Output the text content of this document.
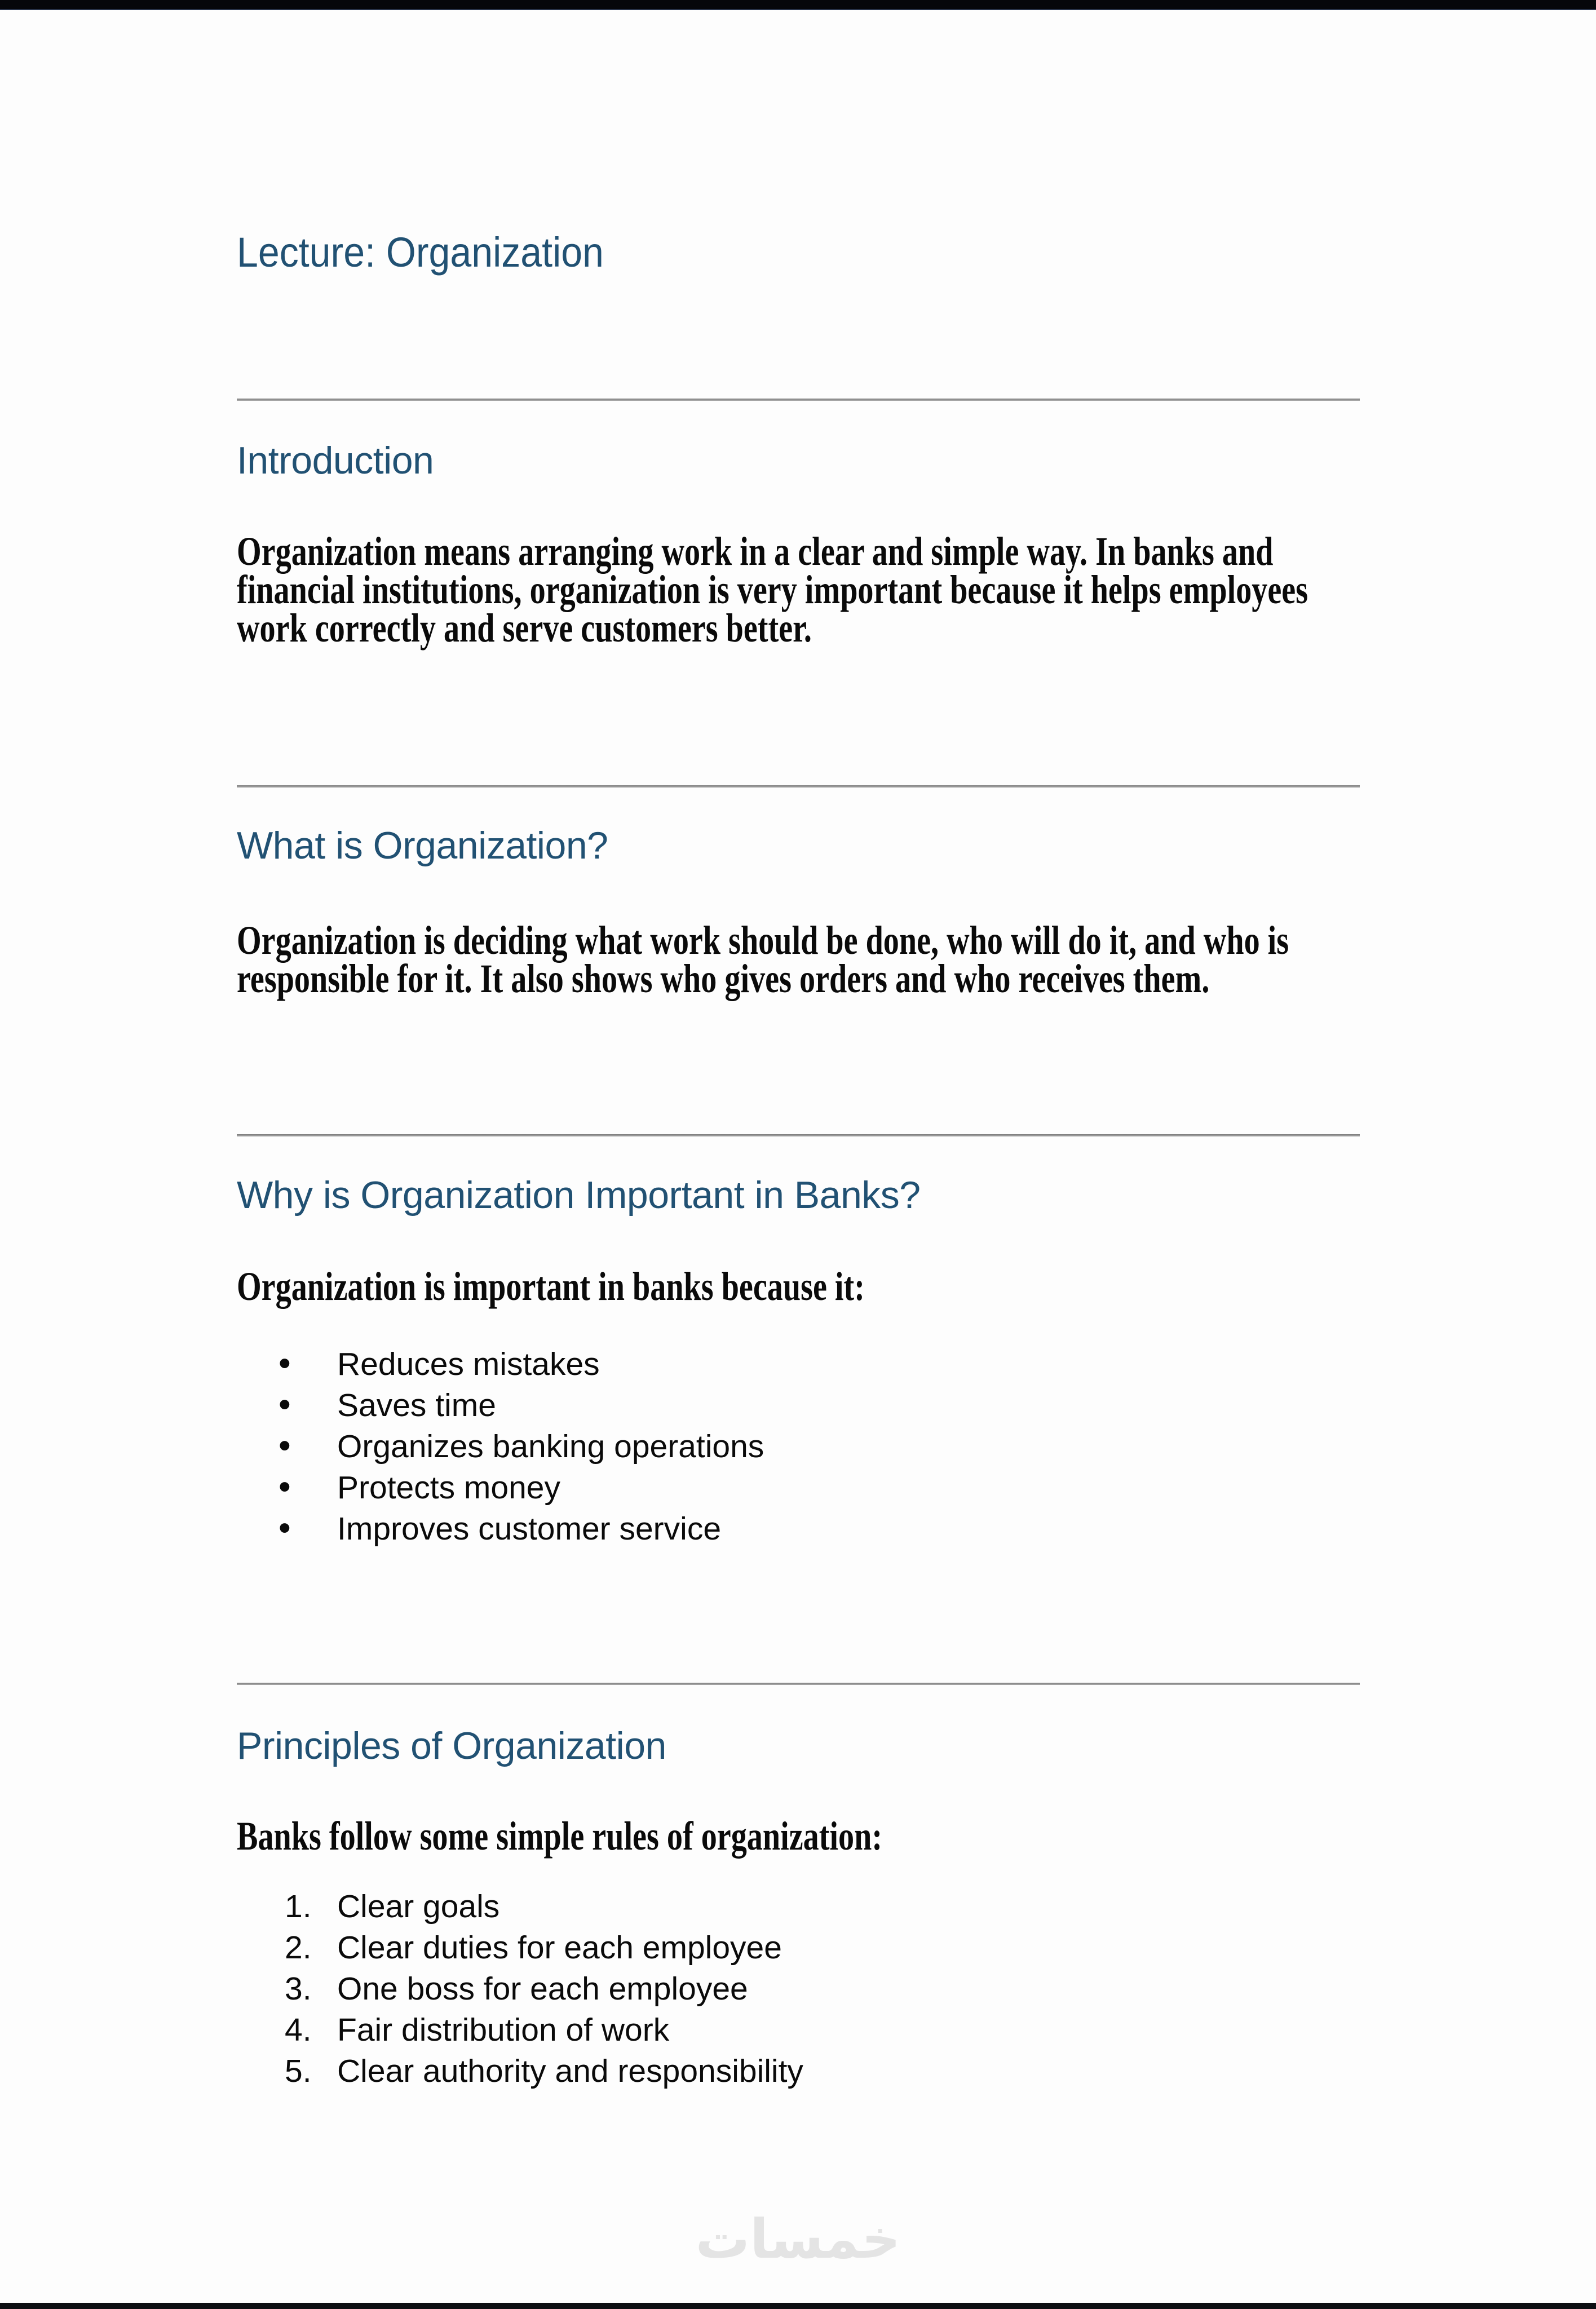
Lecture: Organization
Introduction
Organization means arranging work in a clear and simple way. In banks and
financial institutions, organization is very important because it helps employees
work correctly and serve customers better.
What is Organization?
Organization is deciding what work should be done, who will do it, and who is
responsible for it. It also shows who gives orders and who receives them.
Why is Organization Important in Banks?
Organization is important in banks because it:
• Reduces mistakes
• Saves time
• Organizes banking operations
• Protects money
• Improves customer service
Principles of Organization
Banks follow some simple rules of organization:
Clear goals
Clear duties for each employee
One boss for each employee
Fair distribution of work
Clear authority and responsibility
خمسات
